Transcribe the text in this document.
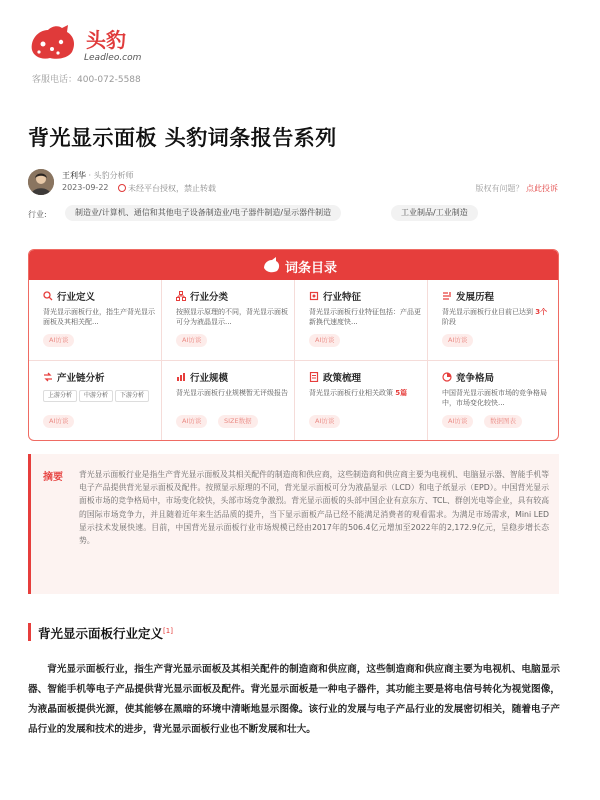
头豹
Leadleo.com
客服电话：400-072-5588
背光显示面板 头豹词条报告系列
王利华 · 头豹分析师
2023-09-22	未经平台授权，禁止转载	版权有问题？ 点此投诉
行业:	制造业/计算机、通信和其他电子设备制造业/电子器件制造/显示器件制造	工业制品/工业制造
词条目录
行业定义
背光显示面板行业，指生产背光显示面板及其相关配...
AI访谈
行业分类
按照显示原理的不同，背光显示面板可分为液晶显示...
AI访谈
行业特征
背光显示面板行业特征包括：产品更新换代速度快...
AI访谈
发展历程
背光显示面板行业目前已达到 3个阶段
AI访谈
产业链分析
上游分析	中游分析	下游分析
AI访谈
行业规模
背光显示面板行业规模暂无评级报告
AI访谈	SIZE数据
政策梳理
背光显示面板行业相关政策 5篇
AI访谈
竞争格局
中国背光显示面板市场的竞争格局中，市场变化较快...
AI访谈	数据图表
摘要 背光显示面板行业是指生产背光显示面板及其相关配件的制造商和供应商，这些制造商和供应商主要为电视机、电脑显示器、智能手机等电子产品提供背光显示面板及配件。按照显示原理的不同，背光显示面板可分为液晶显示（LCD）和电子纸显示（EPD）。中国背光显示面板市场的竞争格局中，市场变化较快，头部市场竞争激烈。背光显示面板的头部中国企业有京东方、TCL、群创光电等企业，具有较高的国际市场竞争力，并且随着近年来生活品质的提升，当下显示面板产品已经不能满足消费者的观看需求。为满足市场需求，Mini LED显示技术发展快速。目前，中国背光显示面板行业市场规模已经由2017年的506.4亿元增加至2022年的2,172.9亿元，呈稳步增长态势。
背光显示面板行业定义[1]

背光显示面板行业，指生产背光显示面板及其相关配件的制造商和供应商，这些制造商和供应商主要为电视机、电脑显示器、智能手机等电子产品提供背光显示面板及配件。背光显示面板是一种电子器件，其功能主要是将电信号转化为视觉图像，为液晶面板提供光源，使其能够在黑暗的环境中清晰地显示图像。该行业的发展与电子产品行业的发展密切相关，随着电子产品行业的发展和技术的进步，背光显示面板行业也不断发展和壮大。
